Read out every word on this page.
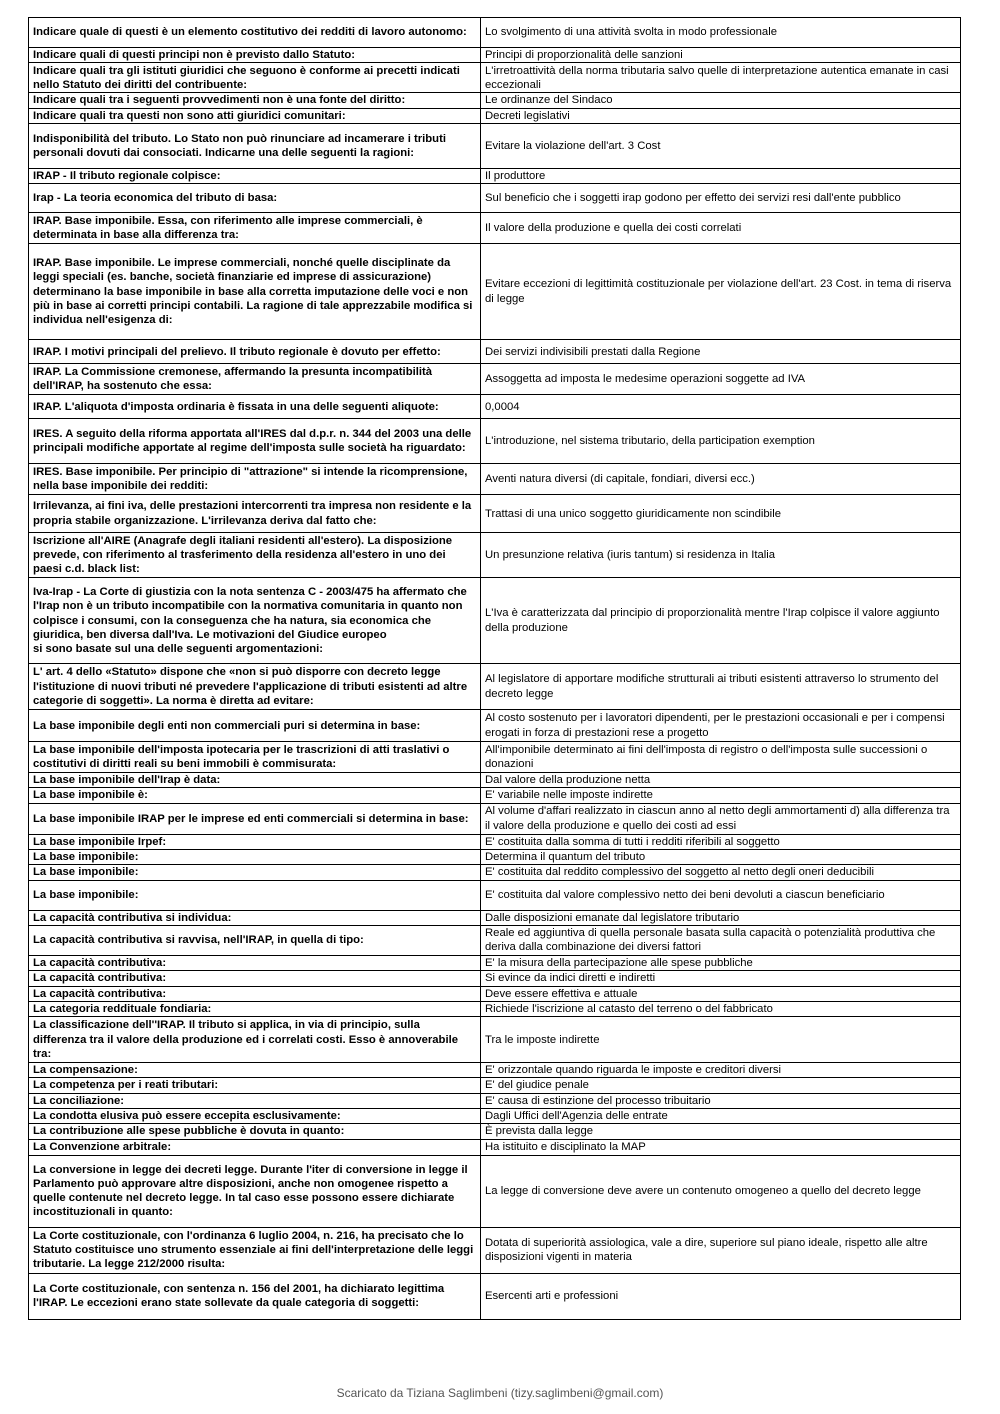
Indicare quale di questi è un elemento costitutivo dei redditi di lavoro autonomo:	Lo svolgimento di una attività svolta in modo professionale
Indicare quali di questi principi non è previsto dallo Statuto:	Principi di proporzionalità delle sanzioni
Indicare quali tra gli istituti giuridici che seguono è conforme ai precetti indicati nello Statuto dei diritti del contribuente:	L'irretroattività della norma tributaria salvo quelle di interpretazione autentica emanate in casi eccezionali
Indicare quali tra i seguenti provvedimenti non è una fonte del diritto:	Le ordinanze del Sindaco
Indicare quali tra questi non sono atti giuridici comunitari:	Decreti legislativi
Indisponibilità del tributo. Lo Stato non può rinunciare ad incamerare i tributi personali dovuti dai consociati. Indicarne una delle seguenti la ragioni:	Evitare la violazione dell'art. 3 Cost
IRAP - Il tributo regionale colpisce:	Il produttore
Irap - La teoria economica del tributo di basa:	Sul beneficio che i soggetti irap godono per effetto dei servizi resi dall'ente pubblico
IRAP. Base imponibile. Essa, con riferimento alle imprese commerciali, è determinata in base alla differenza tra:	Il valore della produzione e quella dei costi correlati
IRAP. Base imponibile. Le imprese commerciali, nonché quelle disciplinate da leggi speciali (es. banche, società finanziarie ed imprese di assicurazione) determinano la base imponibile in base alla corretta imputazione delle voci e non più in base ai corretti principi contabili. La ragione di tale apprezzabile modifica si individua nell'esigenza di:	Evitare eccezioni di legittimità costituzionale per violazione dell'art. 23 Cost. in tema di riserva di legge
IRAP. I motivi principali del prelievo. Il tributo regionale è dovuto per effetto:	Dei servizi indivisibili prestati dalla Regione
IRAP. La Commissione cremonese, affermando la presunta incompatibilità dell'IRAP, ha sostenuto che essa:	Assoggetta ad imposta le medesime operazioni soggette ad IVA
IRAP. L'aliquota d'imposta ordinaria è fissata in una delle seguenti aliquote:	0,0004
IRES. A seguito della riforma apportata all'IRES dal d.p.r. n. 344 del 2003 una delle principali modifiche apportate al regime dell'imposta sulle società ha riguardato:	L'introduzione, nel sistema tributario, della participation exemption
IRES. Base imponibile. Per principio di "attrazione" si intende la ricomprensione, nella base imponibile dei redditi:	Aventi natura diversi (di capitale, fondiari, diversi ecc.)
Irrilevanza, ai fini iva, delle prestazioni intercorrenti tra impresa non residente e la propria stabile organizzazione. L'irrilevanza deriva dal fatto che:	Trattasi di una unico soggetto giuridicamente non scindibile
Iscrizione all'AIRE (Anagrafe degli italiani residenti all'estero). La disposizione prevede, con riferimento al trasferimento della residenza all'estero in uno dei paesi c.d. black list:	Un presunzione relativa (iuris tantum) si residenza in Italia
Iva-Irap - La Corte di giustizia con la nota sentenza C - 2003/475 ha affermato che l'Irap non è un tributo incompatibile con la normativa comunitaria in quanto non colpisce i consumi, con la conseguenza che ha natura, sia economica che giuridica, ben diversa dall'Iva. Le motivazioni del Giudice europeo
si sono basate sul una delle seguenti argomentazioni:	L'Iva è caratterizzata dal principio di proporzionalità mentre l'Irap colpisce il valore aggiunto della produzione
L' art. 4 dello «Statuto» dispone che «non si può disporre con decreto legge l'istituzione di nuovi tributi né prevedere l'applicazione di tributi esistenti ad altre categorie di soggetti». La norma è diretta ad evitare:	Al legislatore di apportare modifiche strutturali ai tributi esistenti attraverso lo strumento del decreto legge
La base imponibile degli enti non commerciali puri si determina in base:	Al costo sostenuto per i lavoratori dipendenti, per le prestazioni occasionali e per i compensi erogati in forza di prestazioni rese a progetto
La base imponibile dell'imposta ipotecaria per le trascrizioni di atti traslativi o costitutivi di diritti reali su beni immobili è commisurata:	All'imponibile determinato ai fini dell'imposta di registro o dell'imposta sulle successioni o donazioni
La base imponibile dell'Irap è data:	Dal valore della produzione netta
La base imponibile è:	E' variabile nelle imposte indirette
La base imponibile IRAP per le imprese ed enti commerciali si determina in base:	Al volume d'affari realizzato in ciascun anno al netto degli ammortamenti d) alla differenza tra il valore della produzione e quello dei costi ad essi
La base imponibile Irpef:	E' costituita dalla somma di tutti i redditi riferibili al soggetto
La base imponibile:	Determina il quantum del tributo
La base imponibile:	E' costituita dal reddito complessivo del soggetto al netto degli oneri deducibili
La base imponibile:	E' costituita dal valore complessivo netto dei beni devoluti a ciascun beneficiario
La capacità contributiva si individua:	Dalle disposizioni emanate dal legislatore tributario
La capacità contributiva si ravvisa, nell'IRAP, in quella di tipo:	Reale ed aggiuntiva di quella personale basata sulla capacità o potenzialità produttiva che deriva dalla combinazione dei diversi fattori
La capacità contributiva:	E' la misura della partecipazione alle spese pubbliche
La capacità contributiva:	Si evince da indici diretti e indiretti
La capacità contributiva:	Deve essere effettiva e attuale
La categoria reddituale fondiaria:	Richiede l'iscrizione al catasto del terreno o del fabbricato
La classificazione dell''IRAP. Il tributo si applica, in via di principio, sulla differenza tra il valore della produzione ed i correlati costi. Esso è annoverabile tra:	Tra le imposte indirette
La compensazione:	E' orizzontale quando riguarda le imposte e creditori diversi
La competenza per i reati tributari:	E' del giudice penale
La conciliazione:	E' causa di estinzione del processo tribuitario
La condotta elusiva può essere eccepita esclusivamente:	Dagli Uffici dell'Agenzia delle entrate
La contribuzione alle spese pubbliche è dovuta in quanto:	È prevista dalla legge
La Convenzione arbitrale:	Ha istituito e disciplinato la MAP
La conversione in legge dei decreti legge. Durante l'iter di conversione in legge il Parlamento può approvare altre disposizioni, anche non omogenee rispetto a quelle contenute nel decreto legge. In tal caso esse possono essere dichiarate incostituzionali in quanto:	La legge di conversione deve avere un contenuto omogeneo a quello del decreto legge
La Corte costituzionale, con l'ordinanza 6 luglio 2004, n. 216, ha precisato che lo Statuto costituisce uno strumento essenziale ai fini dell'interpretazione delle leggi tributarie. La legge 212/2000 risulta:	Dotata di superiorità assiologica, vale a dire, superiore sul piano ideale, rispetto alle altre disposizioni vigenti in materia
La Corte costituzionale, con sentenza n. 156 del 2001, ha dichiarato legittima l'IRAP. Le eccezioni erano state sollevate da quale categoria di soggetti:	Esercenti arti e professioni
Scaricato da Tiziana Saglimbeni (tizy.saglimbeni@gmail.com)
